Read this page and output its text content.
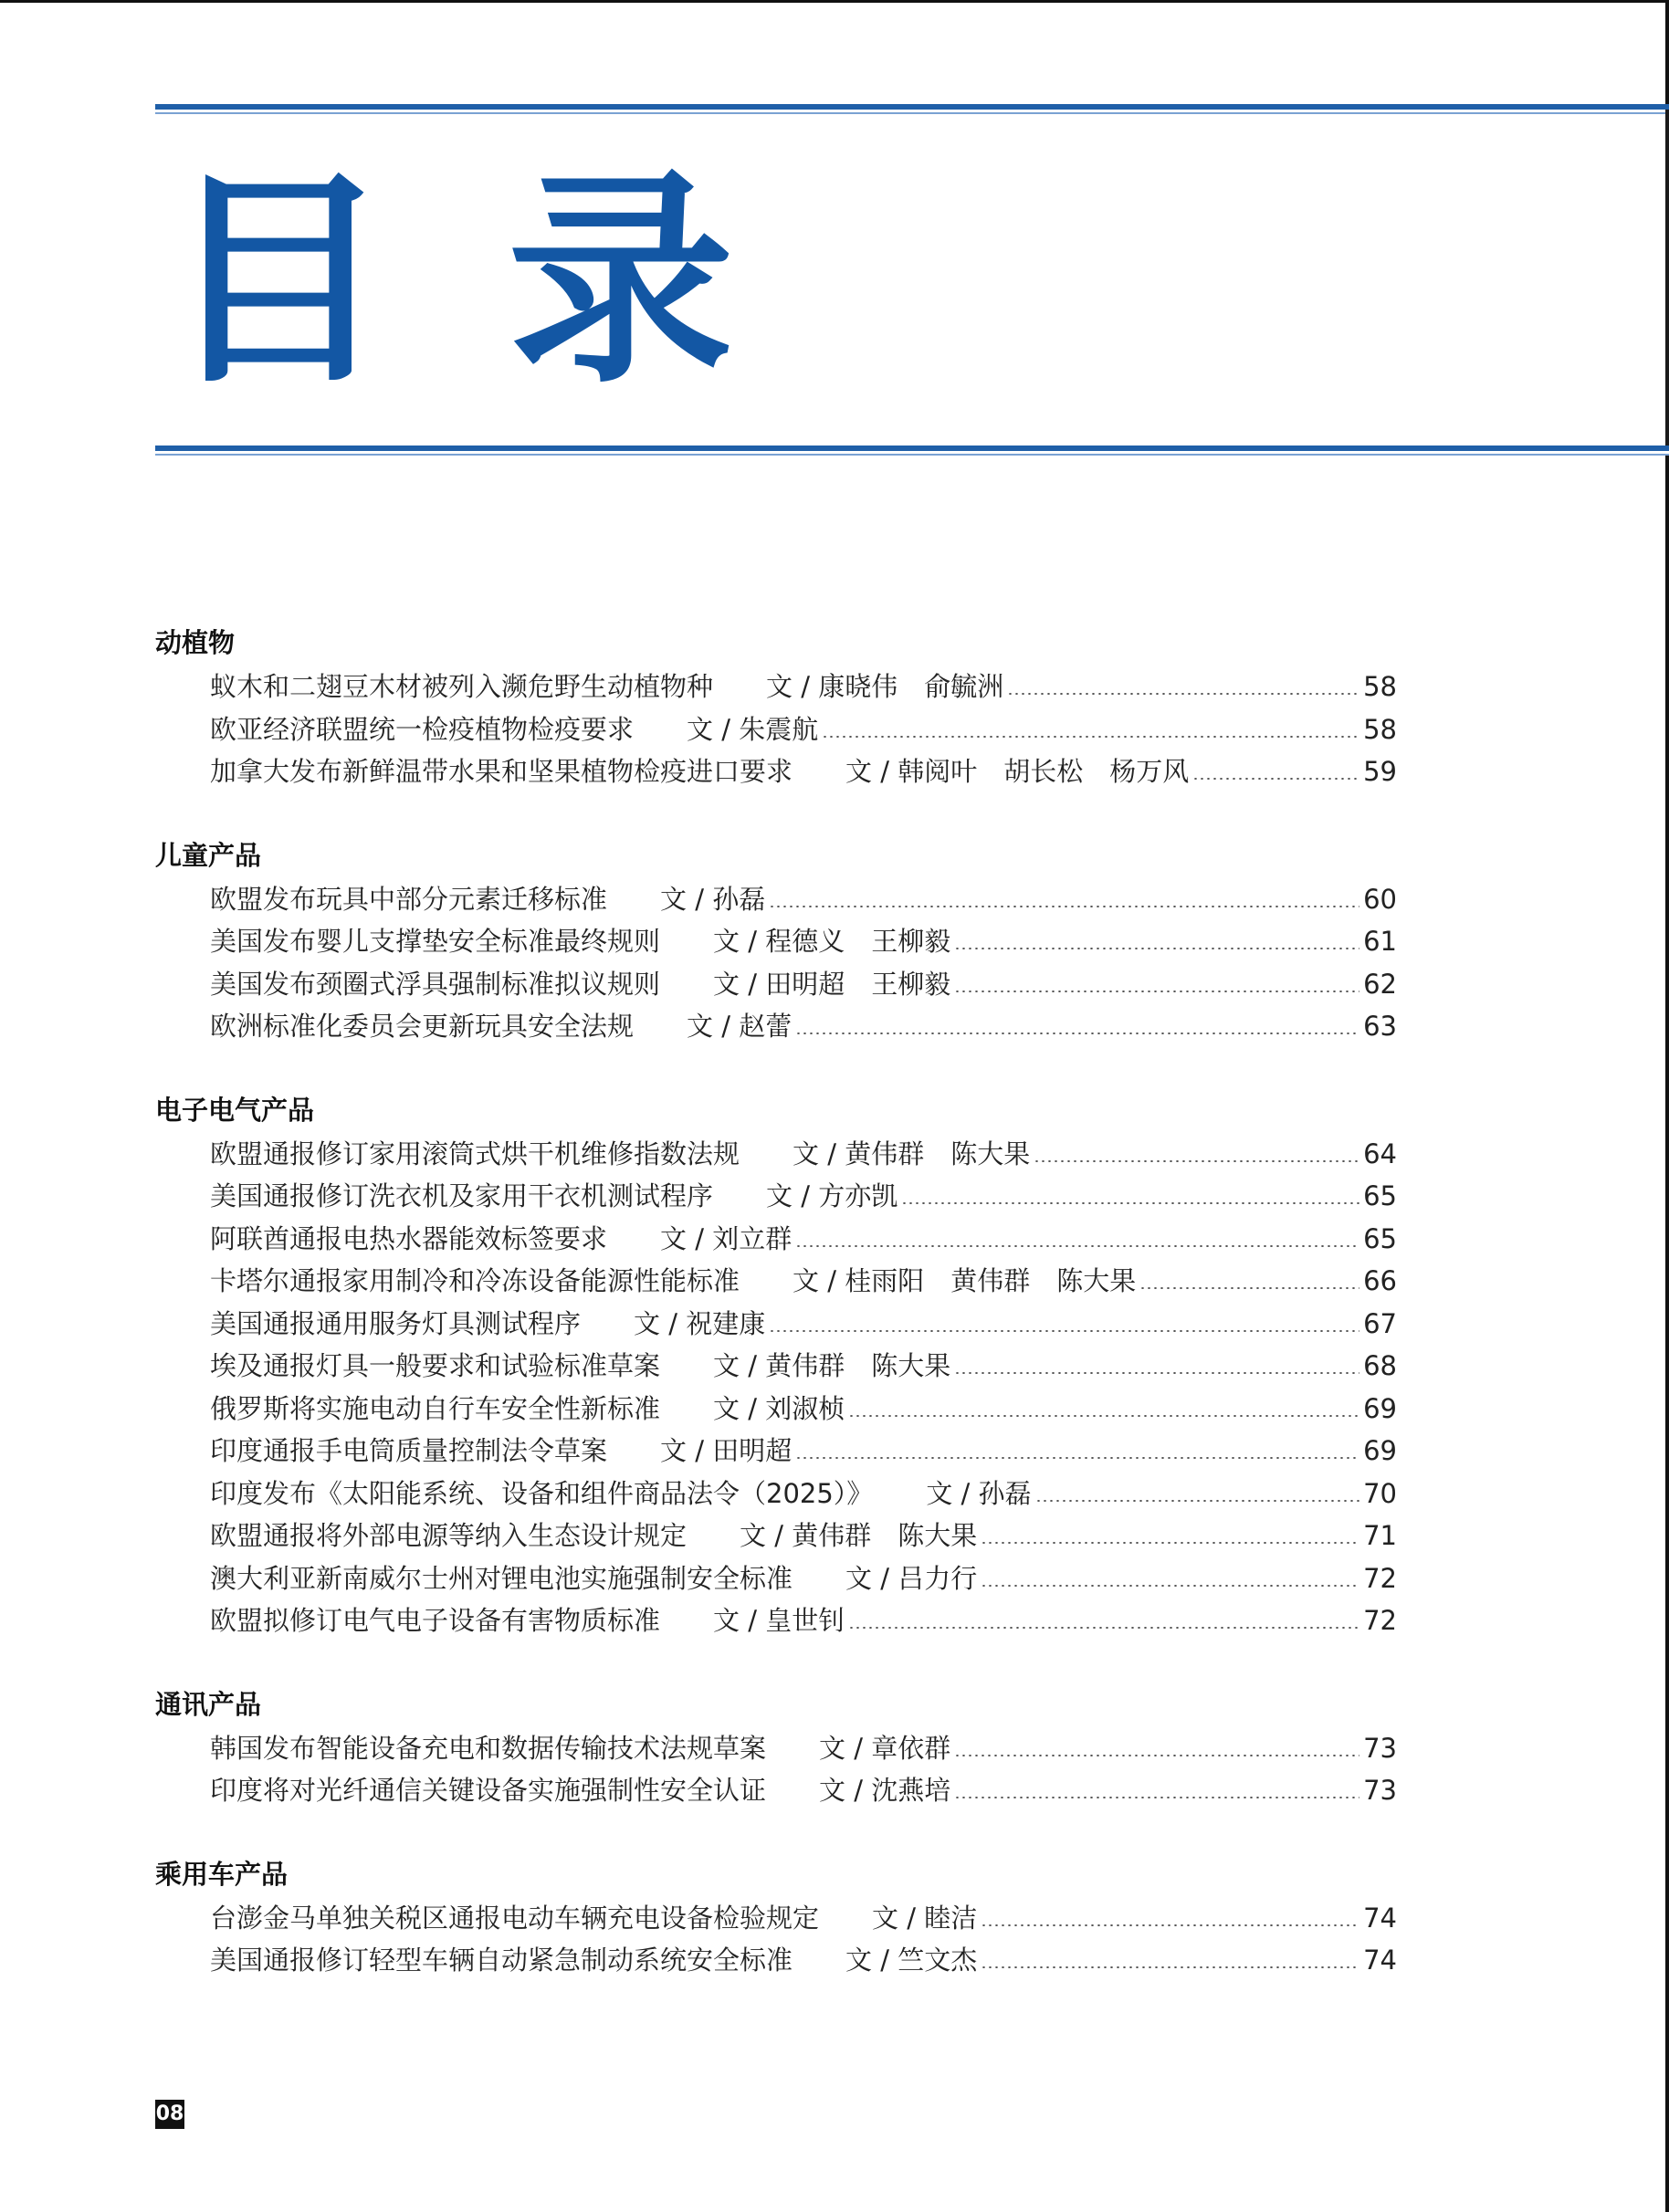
目录
动植物
蚁木和二翅豆木材被列入濒危野生动植物种 文 / 康晓伟　俞毓洲	58
欧亚经济联盟统一检疫植物检疫要求 文 / 朱震航	58
加拿大发布新鲜温带水果和坚果植物检疫进口要求 文 / 韩阅叶　胡长松　杨万风	59
儿童产品
欧盟发布玩具中部分元素迁移标准 文 / 孙磊	60
美国发布婴儿支撑垫安全标准最终规则 文 / 程德义　王柳毅	61
美国发布颈圈式浮具强制标准拟议规则 文 / 田明超　王柳毅	62
欧洲标准化委员会更新玩具安全法规 文 / 赵蕾	63
电子电气产品
欧盟通报修订家用滚筒式烘干机维修指数法规 文 / 黄伟群　陈大果	64
美国通报修订洗衣机及家用干衣机测试程序 文 / 方亦凯	65
阿联酋通报电热水器能效标签要求 文 / 刘立群	65
卡塔尔通报家用制冷和冷冻设备能源性能标准 文 / 桂雨阳　黄伟群　陈大果	66
美国通报通用服务灯具测试程序 文 / 祝建康	67
埃及通报灯具一般要求和试验标准草案 文 / 黄伟群　陈大果	68
俄罗斯将实施电动自行车安全性新标准 文 / 刘淑桢	69
印度通报手电筒质量控制法令草案 文 / 田明超	69
印度发布《太阳能系统、设备和组件商品法令（2025）》 文 / 孙磊	70
欧盟通报将外部电源等纳入生态设计规定 文 / 黄伟群　陈大果	71
澳大利亚新南威尔士州对锂电池实施强制安全标准 文 / 吕力行	72
欧盟拟修订电气电子设备有害物质标准 文 / 皇世钊	72
通讯产品
韩国发布智能设备充电和数据传输技术法规草案 文 / 章依群	73
印度将对光纤通信关键设备实施强制性安全认证 文 / 沈燕培	73
乘用车产品
台澎金马单独关税区通报电动车辆充电设备检验规定 文 / 睦洁	74
美国通报修订轻型车辆自动紧急制动系统安全标准 文 / 竺文杰	74
08
